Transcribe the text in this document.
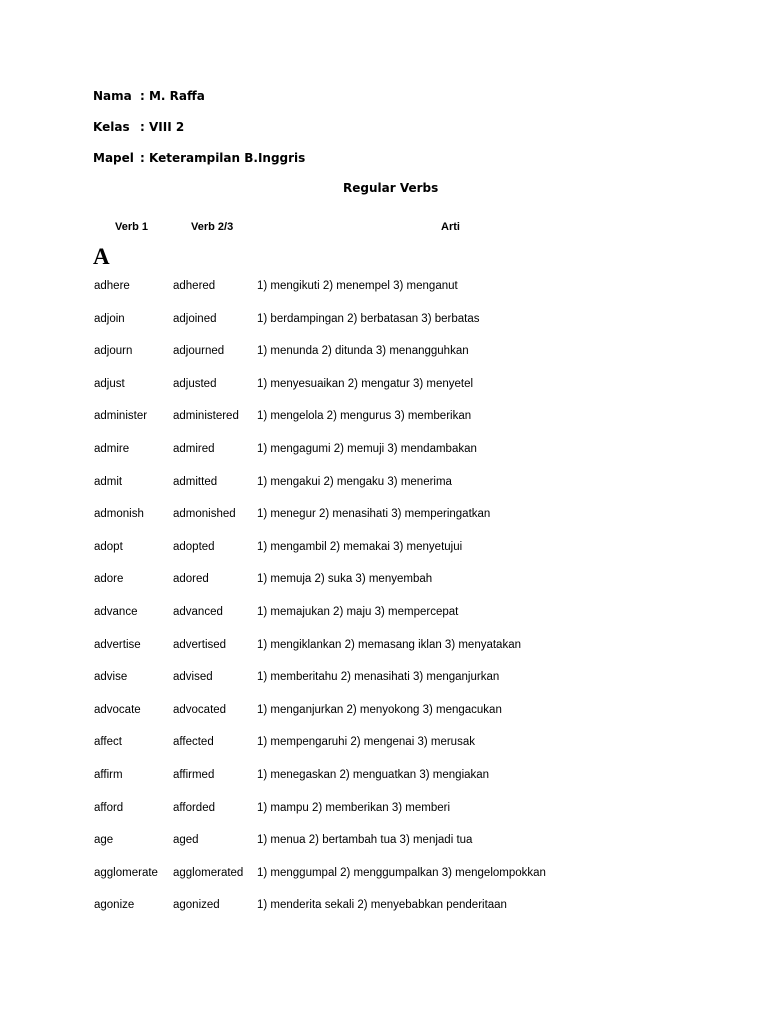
Nama : M. Raffa
Kelas : VIII 2
Mapel : Keterampilan B.Inggris
Regular Verbs
Verb 1	Verb 2/3	Arti
A
adhere	adhered	1) mengikuti 2) menempel 3) menganut
adjoin	adjoined	1) berdampingan 2) berbatasan 3) berbatas
adjourn	adjourned	1) menunda 2) ditunda 3) menangguhkan
adjust	adjusted	1) menyesuaikan 2) mengatur 3) menyetel
administer administered 1) mengelola 2) mengurus 3) memberikan
admire	admired	1) mengagumi 2) memuji 3) mendambakan
admit	admitted	1) mengakui 2) mengaku 3) menerima
admonish	admonished 1) menegur 2) menasihati 3) memperingatkan
adopt	adopted	1) mengambil 2) memakai 3) menyetujui
adore	adored	1) memuja 2) suka 3) menyembah
advance	advanced	1) memajukan 2) maju 3) mempercepat
advertise	advertised	1) mengiklankan 2) memasang iklan 3) menyatakan
advise	advised	1) memberitahu 2) menasihati 3) menganjurkan
advocate	advocated	1) menganjurkan 2) menyokong 3) mengacukan
affect	affected	1) mempengaruhi 2) mengenai 3) merusak
affirm	affirmed	1) menegaskan 2) menguatkan 3) mengiakan
afford	afforded	1) mampu 2) memberikan 3) memberi
age	aged	1) menua 2) bertambah tua 3) menjadi tua
agglomerate agglomerated 1) menggumpal 2) menggumpalkan 3) mengelompokkan
agonize	agonized	1) menderita sekali 2) menyebabkan penderitaan
